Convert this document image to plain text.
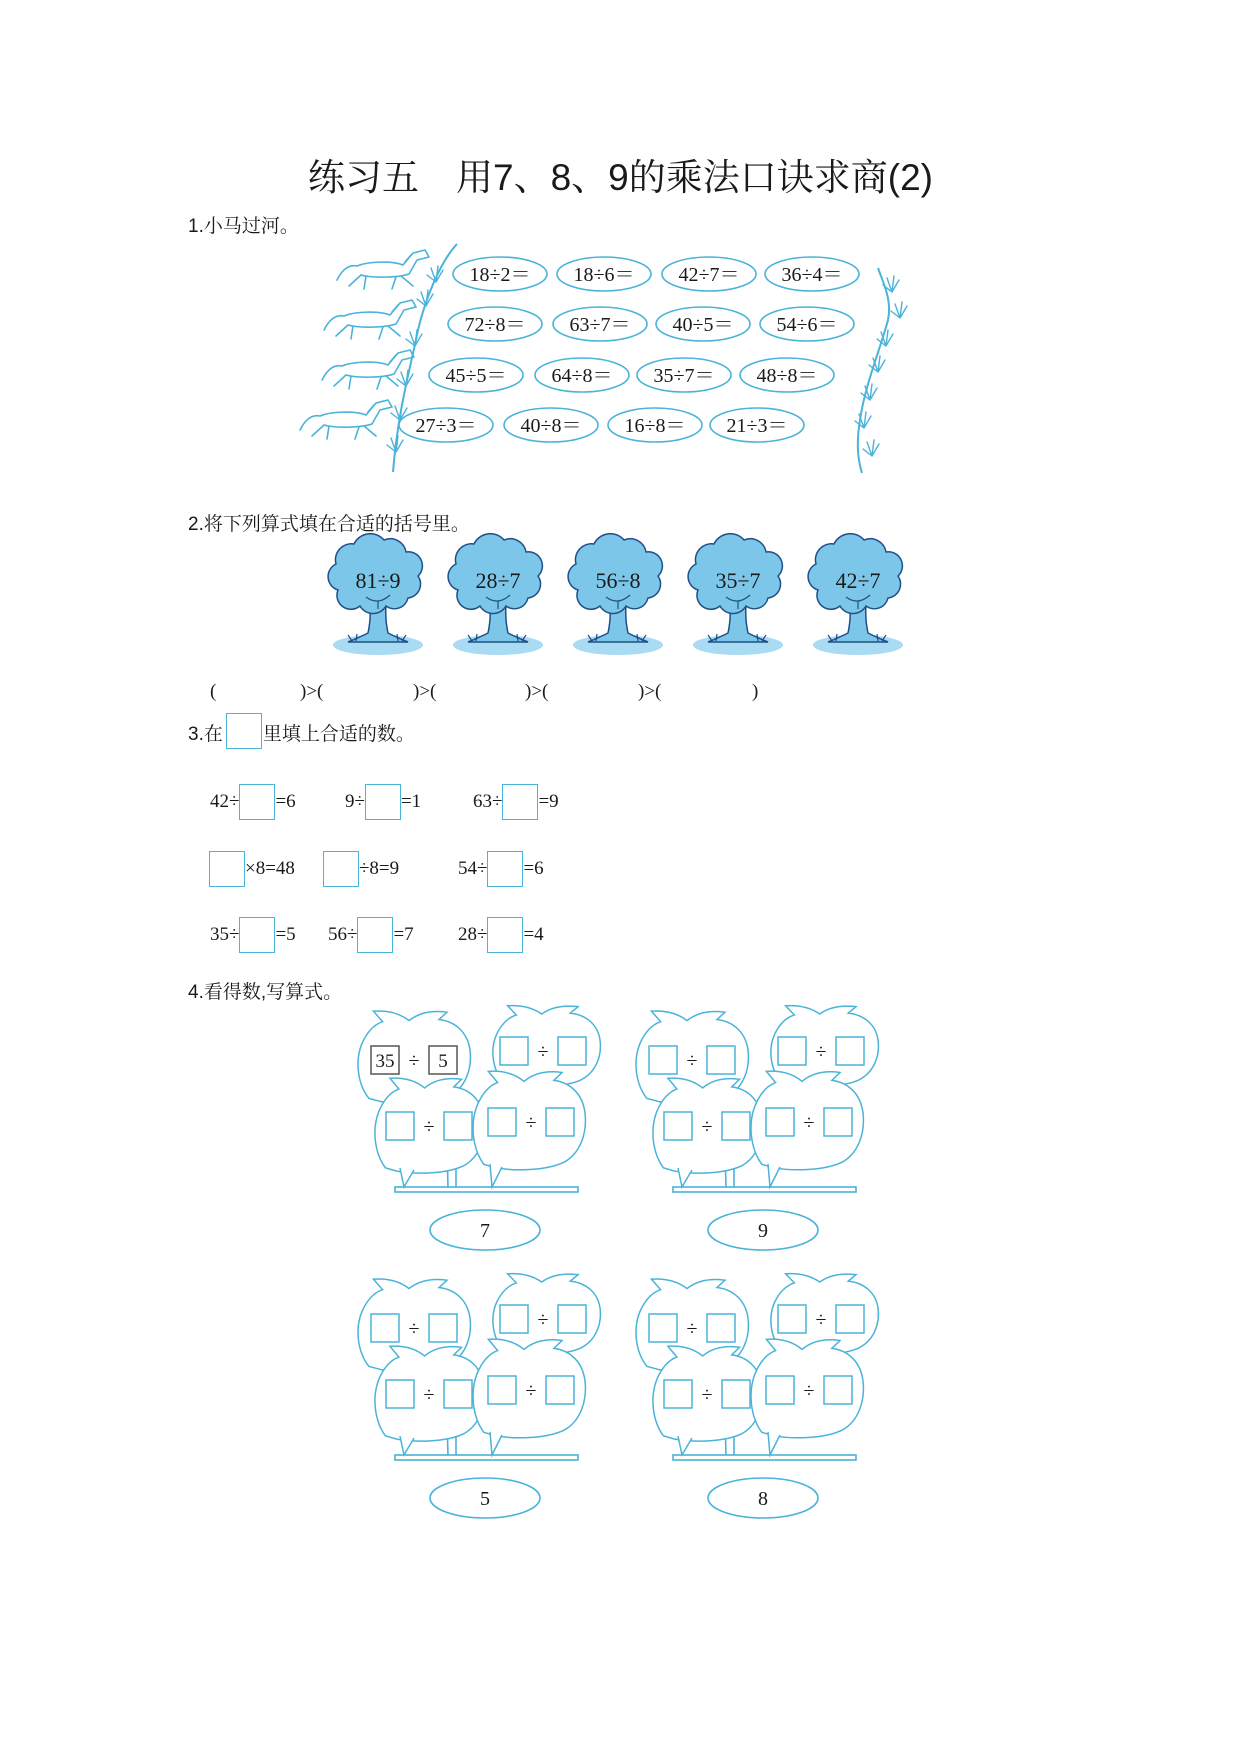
18÷2＝ 18÷6＝ 42÷7＝ 36÷4＝
72÷8＝ 63÷7＝ 40÷5＝ 54÷6＝
45÷5＝ 64÷8＝ 35÷7＝ 48÷8＝
27÷3＝ 40÷8＝ 16÷8＝ 21÷3＝
81÷9	28÷7	56÷8	35÷7	42÷7
÷
35 5	÷
÷	÷
7
÷	÷
÷	÷
9
÷	÷
÷	÷
5
÷	÷
÷	÷
8
练习五　用7、8、9的乘法口诀求商(2)
1.小马过河。
2.将下列算式填在合适的括号里。
3.在 里填上合适的数。
4.看得数,写算式。
(	)>(	)>(	)>(	)>(	)
42÷ =6	9÷ =1	63÷ =9
×8=48	÷8=9	54÷ =6
35÷ =5 56÷ =7 28÷ =4
